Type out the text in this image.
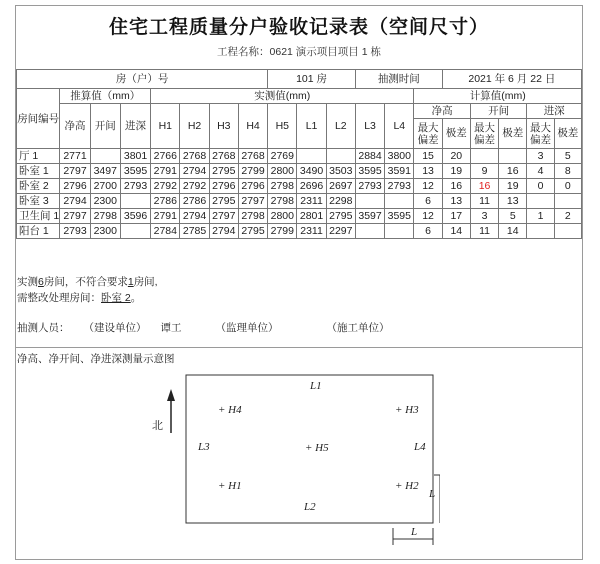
住宅工程质量分户验收记录表（空间尺寸）
工程名称：0621 演示项目项目 1 栋
房（户）号								101 房			抽测时间			2021 年 6 月 22 日				
房间编号	推算值（mm）			实测值(mm)									计算值(mm)					
	净高	开间	进深	H1	H2	H3	H4	H5	L1	L2	L3	L4	净高		开间		进深	
													最大偏差	极差	最大偏差	极差	最大偏差	极差
厅 1	2771		3801	2766	2768	2768	2768	2769			2884	3800	15	20			3	5
卧室 1	2797	3497	3595	2791	2794	2795	2799	2800	3490	3503	3595	3591	13	19	9	16	4	8
卧室 2	2796	2700	2793	2792	2792	2796	2796	2798	2696	2697	2793	2793	12	16	16	19	0	0
卧室 3	2794	2300		2786	2786	2795	2797	2798	2311	2298			6	13	11	13		
卫生间 1	2797	2798	3596	2791	2794	2797	2798	2800	2801	2795	3597	3595	12	17	3	5	1	2
阳台 1	2793	2300		2784	2785	2794	2795	2799	2311	2297			6	14	11	14		
实测6房间，不符合要求1房间,
需整改处理房间：卧室 2。
抽测人员： （建设单位） 谭工	（监理单位）	（施工单位）
净高、净开间、净进深测量示意图
北
L1
L2
L3	L4
+ H4	+ H3
+ H5
+ H1	+ H2
L
L
